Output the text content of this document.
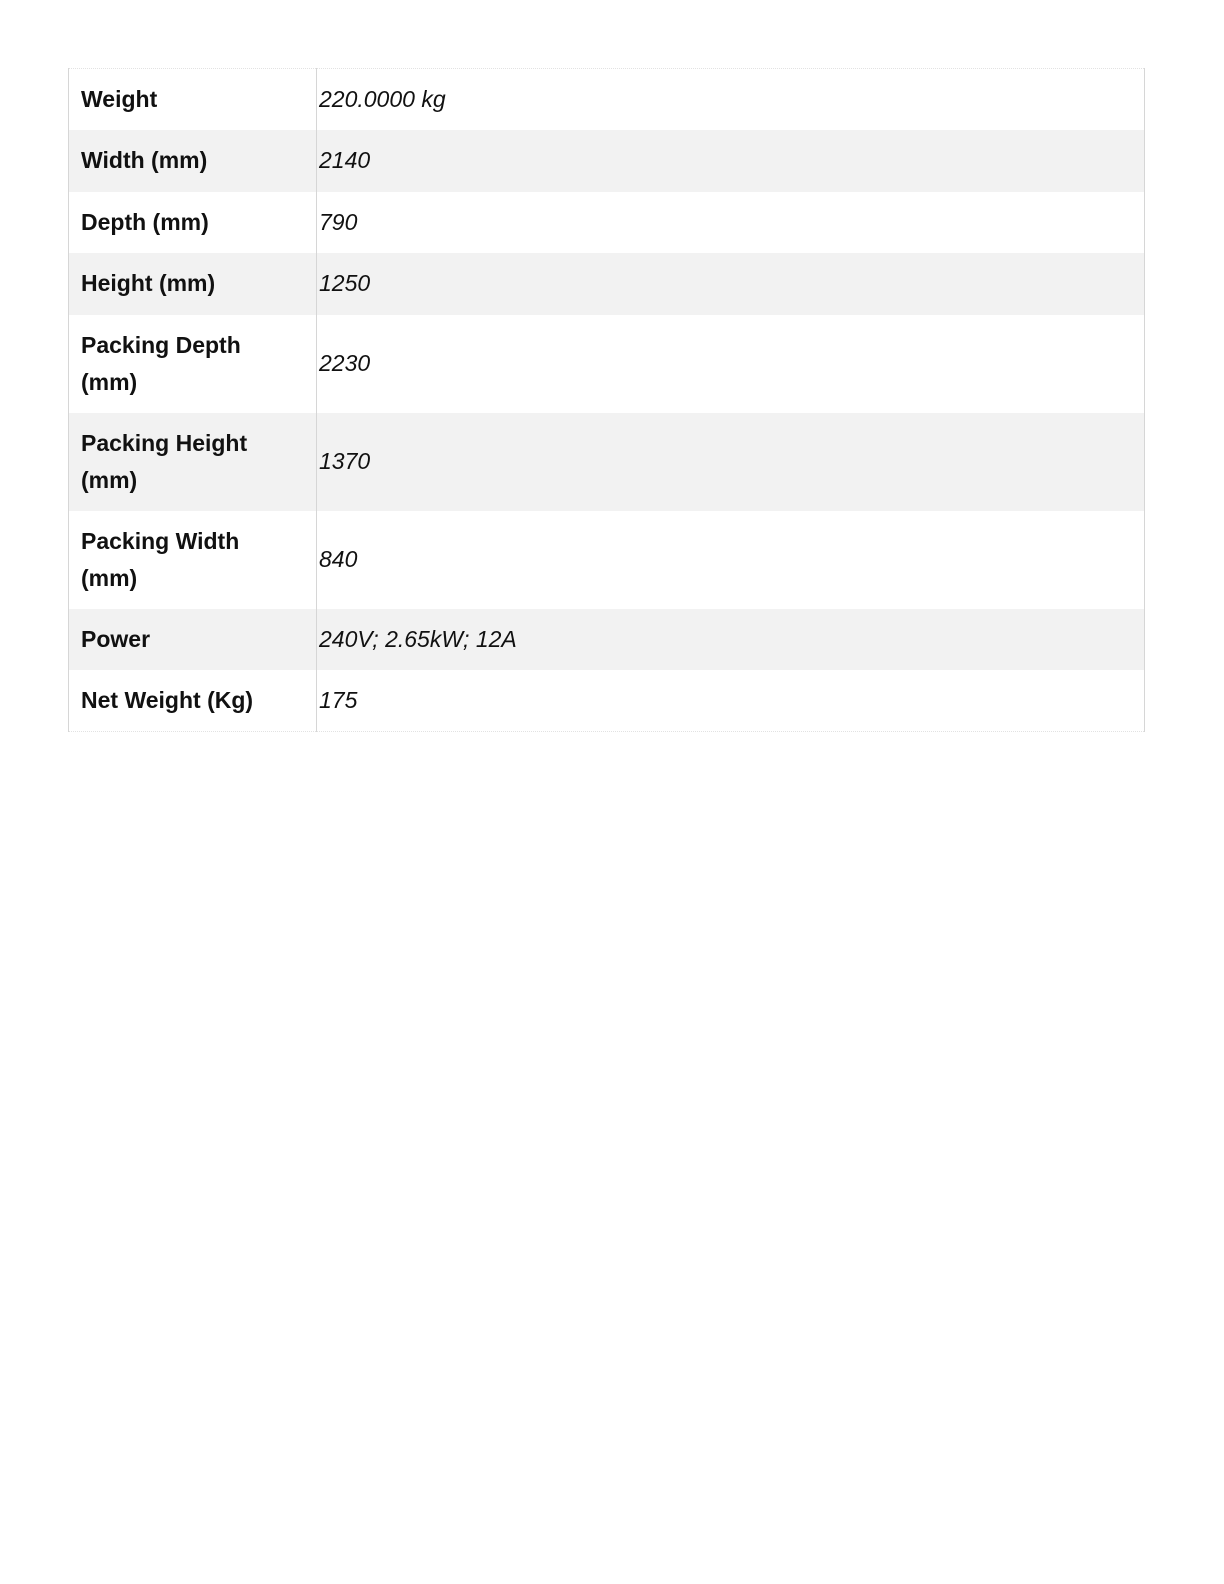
Weight	220.0000 kg
Width (mm)	2140
Depth (mm)	790
Height (mm)	1250
Packing Depth (mm)	2230
Packing Height (mm)	1370
Packing Width (mm)	840
Power	240V; 2.65kW; 12A
Net Weight (Kg)	175
